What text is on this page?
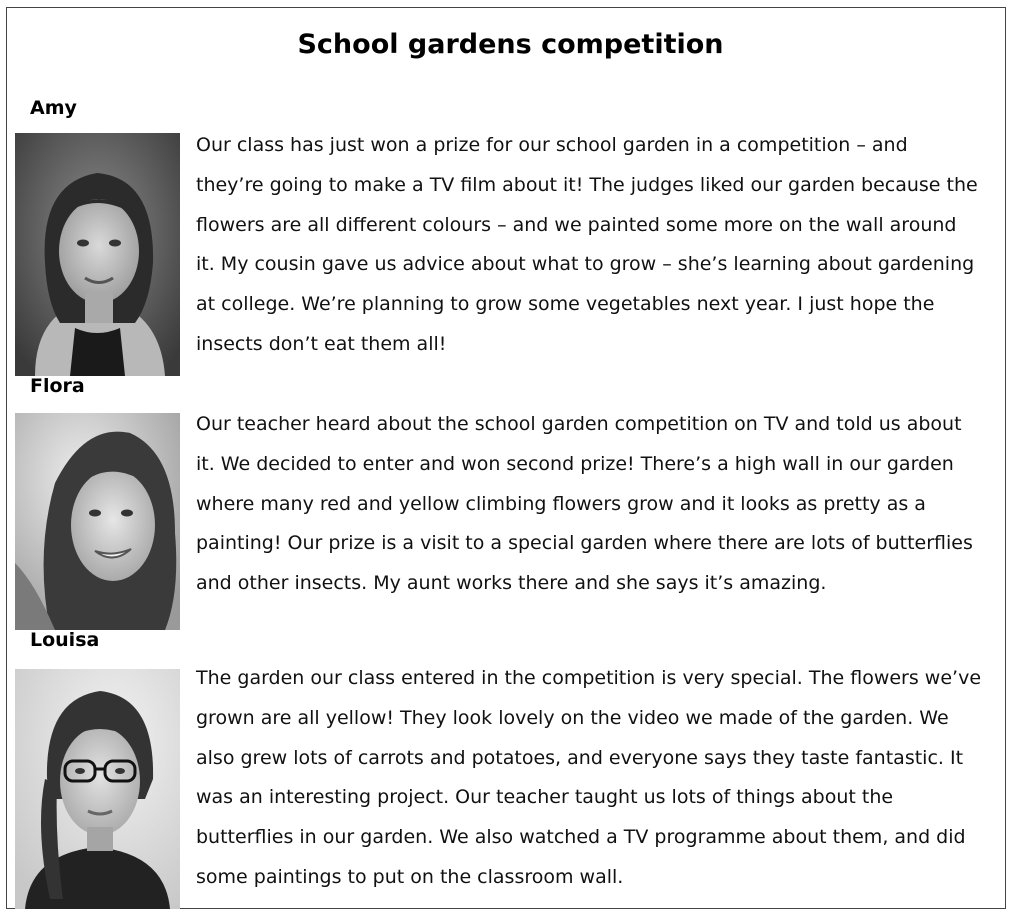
School gardens competition
Amy
Our class has just won a prize for our school garden in a competition – and
they’re going to make a TV film about it! The judges liked our garden because the
flowers are all different colours – and we painted some more on the wall around
it. My cousin gave us advice about what to grow – she’s learning about gardening
at college. We’re planning to grow some vegetables next year. I just hope the
insects don’t eat them all!
Flora
Our teacher heard about the school garden competition on TV and told us about
it. We decided to enter and won second prize! There’s a high wall in our garden
where many red and yellow climbing flowers grow and it looks as pretty as a
painting! Our prize is a visit to a special garden where there are lots of butterflies
and other insects. My aunt works there and she says it’s amazing.
Louisa
The garden our class entered in the competition is very special. The flowers we’ve
grown are all yellow! They look lovely on the video we made of the garden. We
also grew lots of carrots and potatoes, and everyone says they taste fantastic. It
was an interesting project. Our teacher taught us lots of things about the
butterflies in our garden. We also watched a TV programme about them, and did
some paintings to put on the classroom wall.
